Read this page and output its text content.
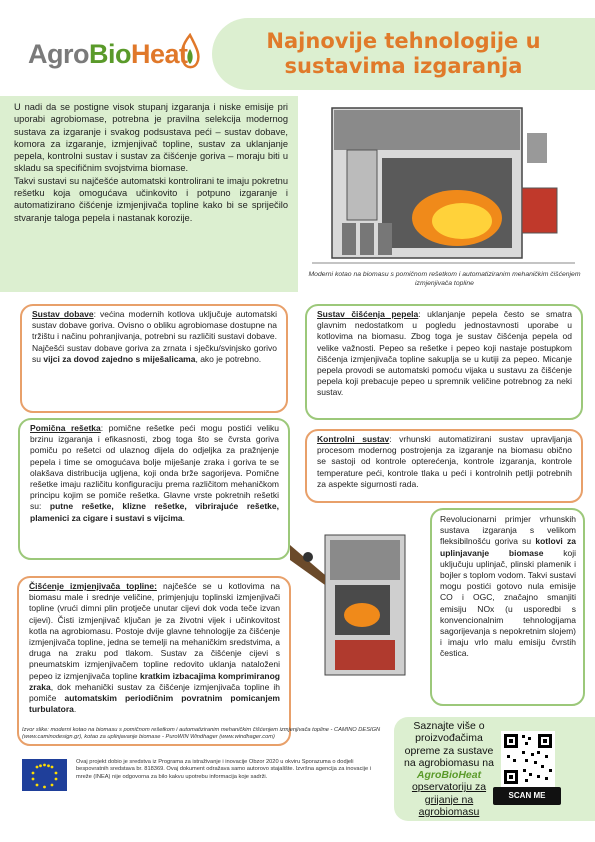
AgroBioHeat	Najnovije tehnologije u sustavima izgaranja

U nadi da se postigne visok stupanj izgaranja i niske emisije pri uporabi agrobiomase, potrebna je pravilna selekcija modernog sustava za izgaranje i svakog podsustava peći – sustav dobave, komora za izgaranje, izmjenjivač topline, sustav za uklanjanje pepela, kontrolni sustav i sustav za čišćenje goriva – moraju biti u skladu sa specifičnim svojstvima biomase.

Takvi sustavi su najčešće automatski kontrolirani te imaju pokretnu rešetku koja omogućava učinkovito i potpuno izgaranje i automatizirano čišćenje izmjenjivača topline kako bi se spriječilo stvaranje taloga pepela i nastanak korozije.

Moderni kotao na biomasu s pomičnom rešetkom i automatiziranim mehaničkim čišćenjem izmjenjivača topline

Sustav dobave: većina modernih kotlova uključuje automatski sustav dobave goriva. Ovisno o obliku agrobiomase dostupne na tržištu i načinu pohranjivanja, potrebni su različiti sustavi dobave. Najčešći sustav dobave goriva za zrnata i sječku/svinjsko gorivo su vijci za dovod zajedno s miješalicama, ako je potrebno.

Sustav čišćenja pepela: uklanjanje pepela često se smatra glavnim nedostatkom u pogledu jednostavnosti uporabe u kotlovima na biomasu. Zbog toga je sustav čišćenja pepela od velike važnosti. Pepeo sa rešetke i pepeo koji nastaje postupkom čišćenja izmjenjivača topline sakuplja se u kutiji za pepeo. Micanje pepela provodi se automatski pomoću vijaka u sustavu za čišćenje pepela koji prebacuje pepeo u spremnik veličine potrebnog za neki sustav.

Pomična rešetka: pomične rešetke peći mogu postići veliku brzinu izgaranja i efikasnosti, zbog toga što se čvrsta goriva pomiču po rešetci od ulaznog dijela do odjeljka za pražnjenje pepela i time se omogućava bolje miješanje zraka i goriva te se olakšava distribucija ugljena, koji onda brže sagorijeva. Pomične rešetke imaju različitu konfiguraciju prema različitom mehaničkom principu kojim se pomiče rešetka. Glavne vrste pokretnih rešetki su: putne rešetke, klizne rešetke, vibrirajuće rešetke, plamenici za cigare i sustavi s vijcima.

Kontrolni sustav: vrhunski automatizirani sustav upravljanja procesom modernog postrojenja za izgaranje na biomasu obično se sastoji od kontrole opterećenja, kontrole izgaranja, kontrole temperature peći, kontrole tlaka u peći i kontrolnih petlji potrebnih za aspekte sigurnosti rada.

Revolucionarni primjer vrhunskih sustava izgaranja s velikom fleksibilnošću goriva su kotlovi za uplinjavanje biomase koji uključuju uplinjač, plinski plamenik i bojler s toplom vodom. Takvi sustavi mogu postići gotovo nula emisije CO i OGC, značajno smanjiti emisiju NOx (u usporedbi s konvencionalnim tehnologijama sagorijevanja s nepokretnim slojem) i imaju vrlo malu emisiju čvrstih čestica.

Čišćenje izmjenjivača topline: najčešće se u kotlovima na biomasu male i srednje veličine, primjenjuju toplinski izmjenjivači topline (vrući dimni plin protječe unutar cijevi dok voda teče izvan cijevi). Čisti izmjenjivač ključan je za životni vijek i učinkovitost kotla na agrobiomasu. Postoje dvije glavne tehnologije za čišćenje izmjenjivača topline, jedna se temelji na mehaničkim sredstvima, a druga na zraku pod tlakom. Sustav za čišćenje cijevi s pneumatskim izmjenjivačem topline redovito uklanja nataloženi pepeo iz izmjenjivača topline kratkim izbacajima komprimiranog zraka, dok mehanički sustav za čišćenje izmjenjivača topline ih pomiče automatskim periodičnim povratnim pomicanjem turbulatora.

Izvor slike: moderni kotao na biomasu s pomičnom rešetkom i automatiziranim mehaničkim čišćenjem izmjenjivača topline - CAMINO DESIGN (www.caminodesign.gr), kotao za uplinjavanje biomase - PuroWIN Windhager (www.windhager.com)
Ovaj projekt dobio je sredstva iz Programa za istraživanje i inovacije Obzor 2020 u okviru Sporazuma o dodjeli bespovratnih sredstava br. 818369. Ovaj dokument odražava samo autorovo stajalište. Izvršna agencija za inovacije i mreže (INEA) nije odgovorna za bilo kakvu upotrebu informacija koje sadrži.
Saznajte više o proizvođačima opreme za sustave na agrobiomasu na AgroBioHeat opservatoriju za grijanje na agrobiomasu
SCAN ME
